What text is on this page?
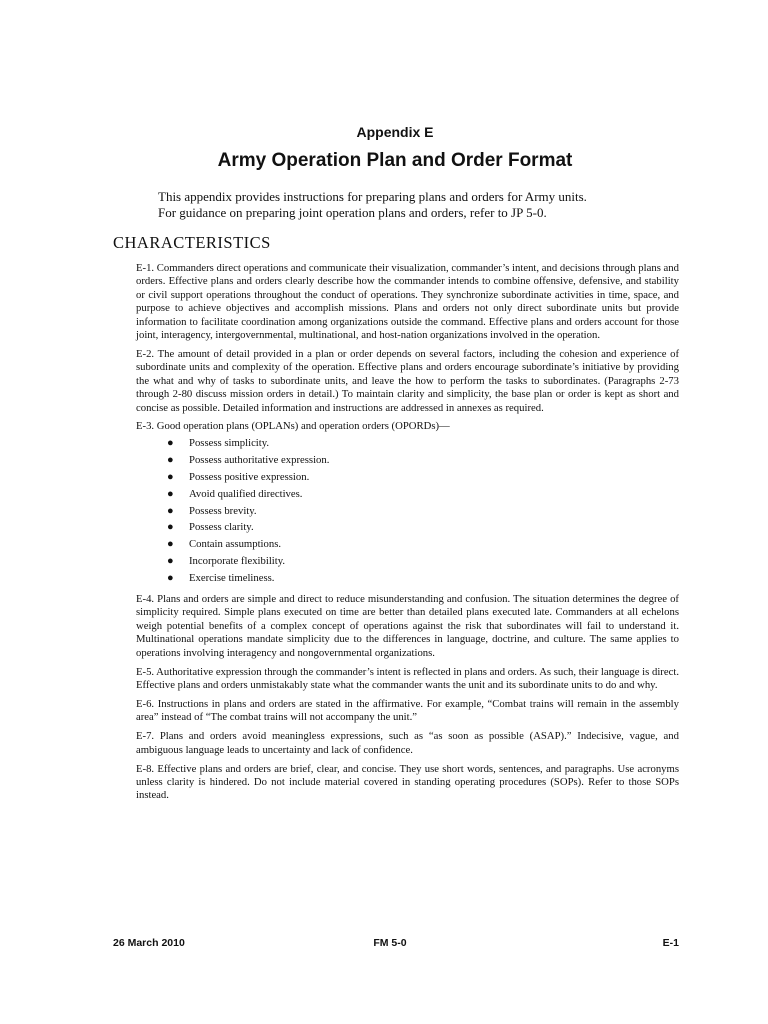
Appendix E
Army Operation Plan and Order Format

This appendix provides instructions for preparing plans and orders for Army units.

For guidance on preparing joint operation plans and orders, refer to JP 5-0.

CHARACTERISTICS

E-1. Commanders direct operations and communicate their visualization, commander’s intent, and decisions through plans and orders. Effective plans and orders clearly describe how the commander intends to combine offensive, defensive, and stability or civil support operations throughout the conduct of operations. They synchronize subordinate activities in time, space, and purpose to achieve objectives and accomplish missions. Plans and orders not only direct subordinate units but provide information to facilitate coordination among organizations outside the command. Effective plans and orders account for those joint, interagency, intergovernmental, multinational, and host-nation organizations involved in the operation.

E-2. The amount of detail provided in a plan or order depends on several factors, including the cohesion and experience of subordinate units and complexity of the operation. Effective plans and orders encourage subordinate’s initiative by providing the what and why of tasks to subordinate units, and leave the how to perform the tasks to subordinates. (Paragraphs 2-73 through 2-80 discuss mission orders in detail.) To maintain clarity and simplicity, the base plan or order is kept as short and concise as possible. Detailed information and instructions are addressed in annexes as required.

E-3. Good operation plans (OPLANs) and operation orders (OPORDs)—

● Possess simplicity.
● Possess authoritative expression.
● Possess positive expression.
● Avoid qualified directives.
● Possess brevity.
● Possess clarity.
● Contain assumptions.
● Incorporate flexibility.
● Exercise timeliness.

E-4. Plans and orders are simple and direct to reduce misunderstanding and confusion. The situation determines the degree of simplicity required. Simple plans executed on time are better than detailed plans executed late. Commanders at all echelons weigh potential benefits of a complex concept of operations against the risk that subordinates will fail to understand it. Multinational operations mandate simplicity due to the differences in language, doctrine, and culture. The same applies to operations involving interagency and nongovernmental organizations.

E-5. Authoritative expression through the commander’s intent is reflected in plans and orders. As such, their language is direct. Effective plans and orders unmistakably state what the commander wants the unit and its subordinate units to do and why.

E-6. Instructions in plans and orders are stated in the affirmative. For example, “Combat trains will remain in the assembly area” instead of “The combat trains will not accompany the unit.”

E-7. Plans and orders avoid meaningless expressions, such as “as soon as possible (ASAP).” Indecisive, vague, and ambiguous language leads to uncertainty and lack of confidence.

E-8. Effective plans and orders are brief, clear, and concise. They use short words, sentences, and paragraphs. Use acronyms unless clarity is hindered. Do not include material covered in standing operating procedures (SOPs). Refer to those SOPs instead.

26 March 2010	FM 5-0	E-1
